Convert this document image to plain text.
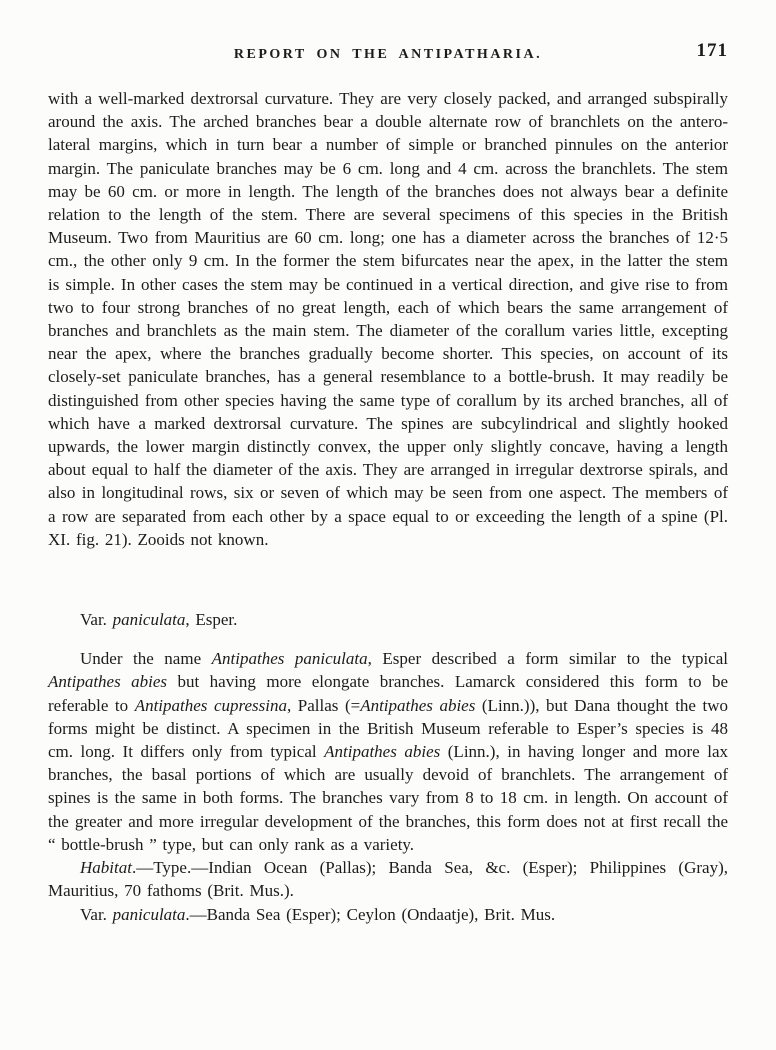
REPORT ON THE ANTIPATHARIA.	171

with a well-marked dextrorsal curvature. They are very closely packed, and arranged subspirally around the axis. The arched branches bear a double alternate row of branchlets on the antero-lateral margins, which in turn bear a number of simple or branched pinnules on the anterior margin. The paniculate branches may be 6 cm. long and 4 cm. across the branchlets. The stem may be 60 cm. or more in length. The length of the branches does not always bear a definite relation to the length of the stem. There are several specimens of this species in the British Museum. Two from Mauritius are 60 cm. long; one has a diameter across the branches of 12·5 cm., the other only 9 cm. In the former the stem bifurcates near the apex, in the latter the stem is simple. In other cases the stem may be continued in a vertical direction, and give rise to from two to four strong branches of no great length, each of which bears the same arrangement of branches and branchlets as the main stem. The diameter of the corallum varies little, excepting near the apex, where the branches gradually become shorter. This species, on account of its closely-set paniculate branches, has a general resemblance to a bottle-brush. It may readily be distinguished from other species having the same type of corallum by its arched branches, all of which have a marked dextrorsal curvature. The spines are subcylindrical and slightly hooked upwards, the lower margin distinctly convex, the upper only slightly concave, having a length about equal to half the diameter of the axis. They are arranged in irregular dextrorse spirals, and also in longitudinal rows, six or seven of which may be seen from one aspect. The members of a row are separated from each other by a space equal to or exceeding the length of a spine (Pl. XI. fig. 21). Zooids not known.

Var. paniculata, Esper.

Under the name Antipathes paniculata, Esper described a form similar to the typical Antipathes abies but having more elongate branches. Lamarck considered this form to be referable to Antipathes cupressina, Pallas (=Antipathes abies (Linn.)), but Dana thought the two forms might be distinct. A specimen in the British Museum referable to Esper’s species is 48 cm. long. It differs only from typical Antipathes abies (Linn.), in having longer and more lax branches, the basal portions of which are usually devoid of branchlets. The arrangement of spines is the same in both forms. The branches vary from 8 to 18 cm. in length. On account of the greater and more irregular development of the branches, this form does not at first recall the “ bottle-brush ” type, but can only rank as a variety.

Habitat.—Type.—Indian Ocean (Pallas); Banda Sea, &c. (Esper); Philippines (Gray), Mauritius, 70 fathoms (Brit. Mus.).

Var. paniculata.—Banda Sea (Esper); Ceylon (Ondaatje), Brit. Mus.
